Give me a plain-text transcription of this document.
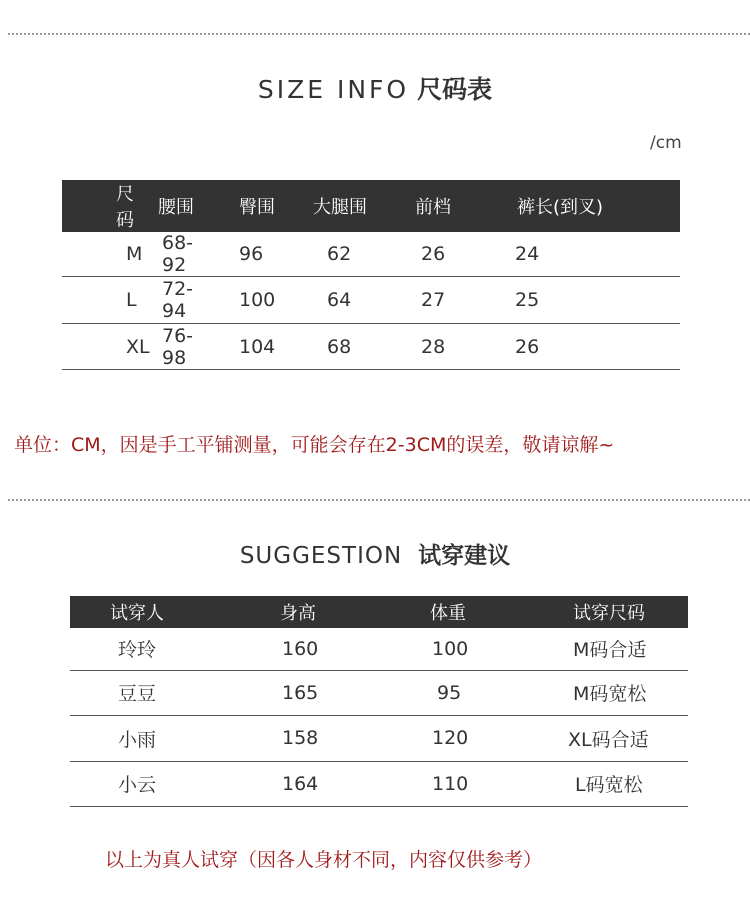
SIZE INFO 尺码表
/cm
尺码	腰围	臀围	大腿围	前档	裤长(到叉)
M	68-92	96	62	26	24
L	72-94	100	64	27	25
XL	76-98	104	68	28	26
单位：CM，因是手工平铺测量，可能会存在2-3CM的误差，敬请谅解~
SUGGESTION 试穿建议
试穿人	身高	体重	试穿尺码
玲玲	160	100	M码合适
豆豆	165	95	M码宽松
小雨	158	120	XL码合适
小云	164	110	L码宽松
以上为真人试穿（因各人身材不同，内容仅供参考）
